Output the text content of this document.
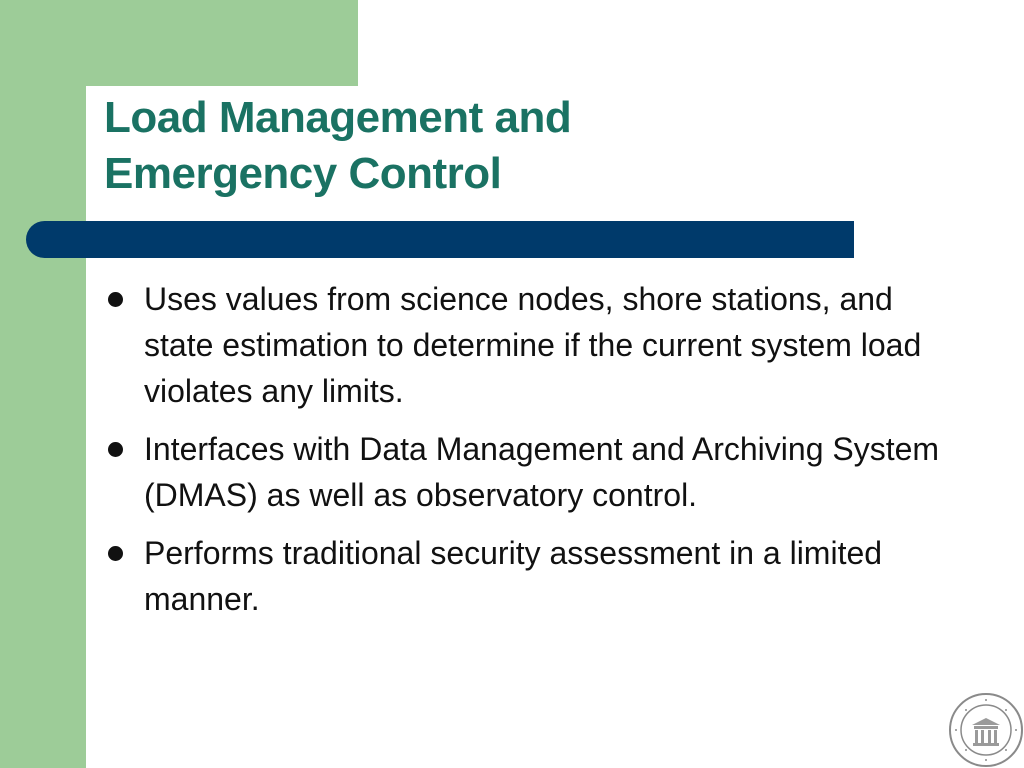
Load Management and
Emergency Control
Uses values from science nodes, shore stations, and state estimation to determine if the current system load violates any limits.
Interfaces with Data Management and Archiving System (DMAS) as well as observatory control.
Performs traditional security assessment in a limited manner.
